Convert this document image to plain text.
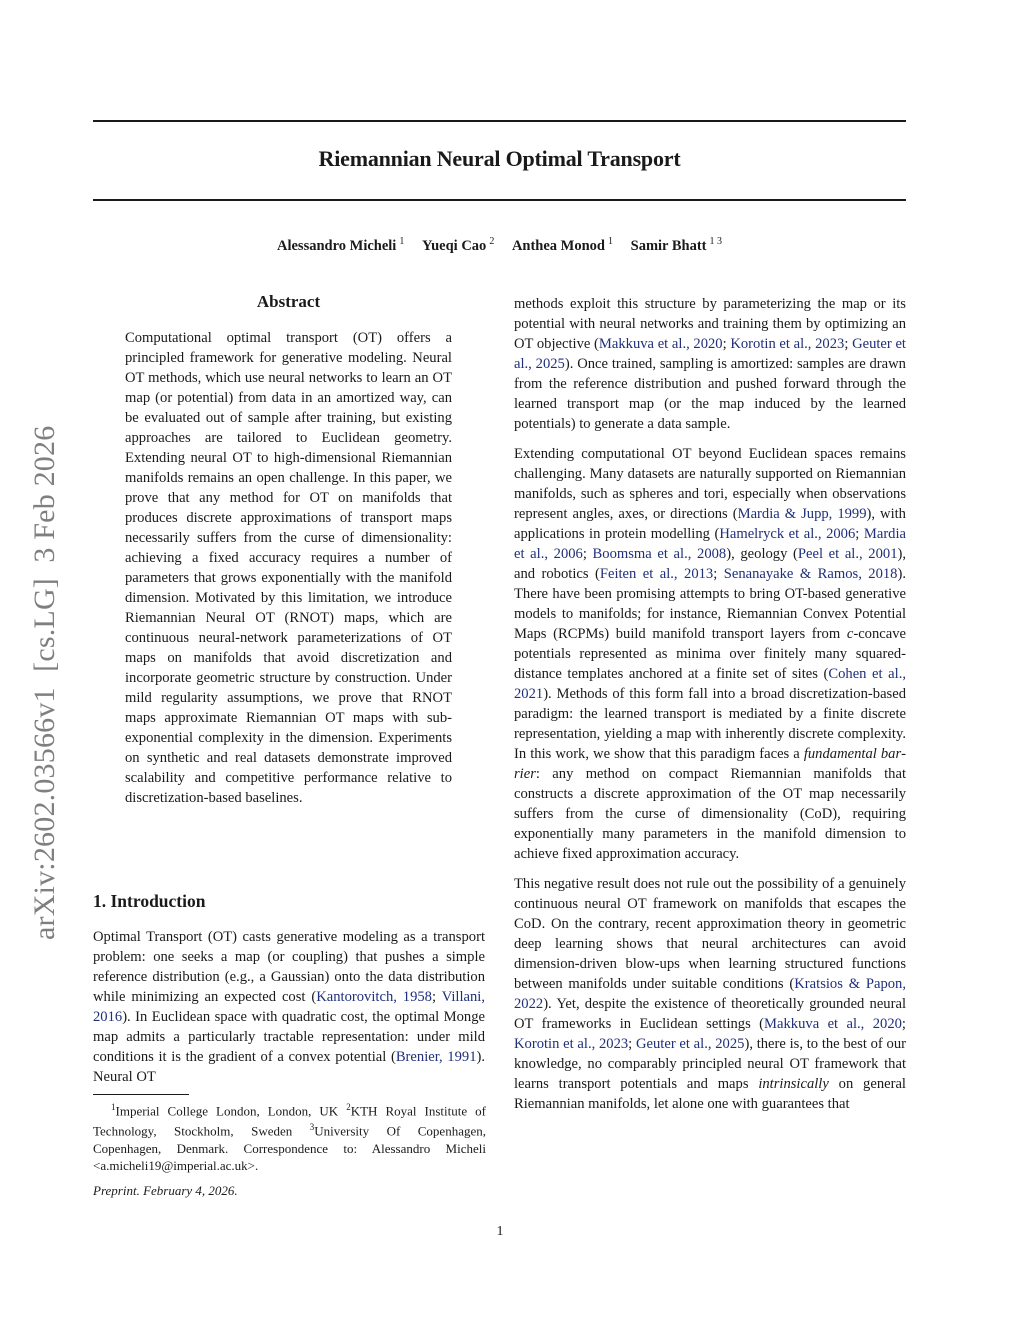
Riemannian Neural Optimal Transport
Alessandro Micheli $^1$ Yueqi Cao $^2$ Anthea Monod $^1$ Samir Bhatt $^{1 3}$
arXiv:2602.03566v1  [cs.LG]  3 Feb 2026
Abstract

Computational optimal transport (OT) offers a principled framework for generative modeling. Neural OT methods, which use neural networks to learn an OT map (or potential) from data in an amortized way, can be evaluated out of sample after training, but existing approaches are tailored to Euclidean geometry. Extending neural OT to high-dimensional Riemannian manifolds remains an open challenge. In this paper, we prove that any method for OT on manifolds that produces discrete approximations of transport maps necessarily suffers from the curse of dimensionality: achieving a fixed accuracy requires a number of parameters that grows exponentially with the manifold dimension. Motivated by this limitation, we introduce Riemannian Neural OT (RNOT) maps, which are continuous neural-network parameterizations of OT maps on manifolds that avoid discretization and incorporate geometric structure by construction. Under mild regularity assumptions, we prove that RNOT maps approximate Riemannian OT maps with sub-exponential complexity in the dimension. Experiments on synthetic and real datasets demonstrate improved scalability and competitive performance relative to discretization-based baselines.

1. Introduction

Optimal Transport (OT) casts generative modeling as a transport problem: one seeks a map (or coupling) that pushes a simple reference distribution (e.g., a Gaussian) onto the data distribution while minimizing an expected cost (Kantorovitch, 1958; Villani, 2016). In Euclidean space with quadratic cost, the optimal Monge map admits a particularly tractable representation: under mild conditions it is the gradient of a convex potential (Brenier, 1991). Neural OT

$^1$Imperial College London, London, UK $^2$KTH Royal Institute of Technology, Stockholm, Sweden $^3$University Of Copenhagen, Copenhagen, Denmark. Correspondence to: Alessandro Micheli <a.micheli19@imperial.ac.uk>.
Preprint. February 4, 2026.

methods exploit this structure by parameterizing the map or its potential with neural networks and training them by optimizing an OT objective (Makkuva et al., 2020; Korotin et al., 2023; Geuter et al., 2025). Once trained, sampling is amortized: samples are drawn from the reference distribution and pushed forward through the learned transport map (or the map induced by the learned potentials) to generate a data sample.

Extending computational OT beyond Euclidean spaces remains challenging. Many datasets are naturally supported on Riemannian manifolds, such as spheres and tori, especially when observations represent angles, axes, or directions (Mardia & Jupp, 1999), with applications in protein modelling (Hamelryck et al., 2006; Mardia et al., 2006; Boomsma et al., 2008), geology (Peel et al., 2001), and robotics (Feiten et al., 2013; Senanayake & Ramos, 2018). There have been promising attempts to bring OT-based generative models to manifolds; for instance, Riemannian Convex Potential Maps (RCPMs) build manifold transport layers from c-concave potentials represented as minima over finitely many squared-distance templates anchored at a finite set of sites (Cohen et al., 2021). Methods of this form fall into a broad discretization-based paradigm: the learned transport is mediated by a finite discrete representation, yielding a map with inherently discrete complexity. In this work, we show that this paradigm faces a fundamental barrier: any method on compact Riemannian manifolds that constructs a discrete approximation of the OT map necessarily suffers from the curse of dimensionality (CoD), requiring exponentially many parameters in the manifold dimension to achieve fixed approximation accuracy.

This negative result does not rule out the possibility of a genuinely continuous neural OT framework on manifolds that escapes the CoD. On the contrary, recent approximation theory in geometric deep learning shows that neural architectures can avoid dimension-driven blow-ups when learning structured functions between manifolds under suitable conditions (Kratsios & Papon, 2022). Yet, despite the existence of theoretically grounded neural OT frameworks in Euclidean settings (Makkuva et al., 2020; Korotin et al., 2023; Geuter et al., 2025), there is, to the best of our knowledge, no comparably principled neural OT framework that learns transport potentials and maps intrinsically on general Riemannian manifolds, let alone one with guarantees that

1
